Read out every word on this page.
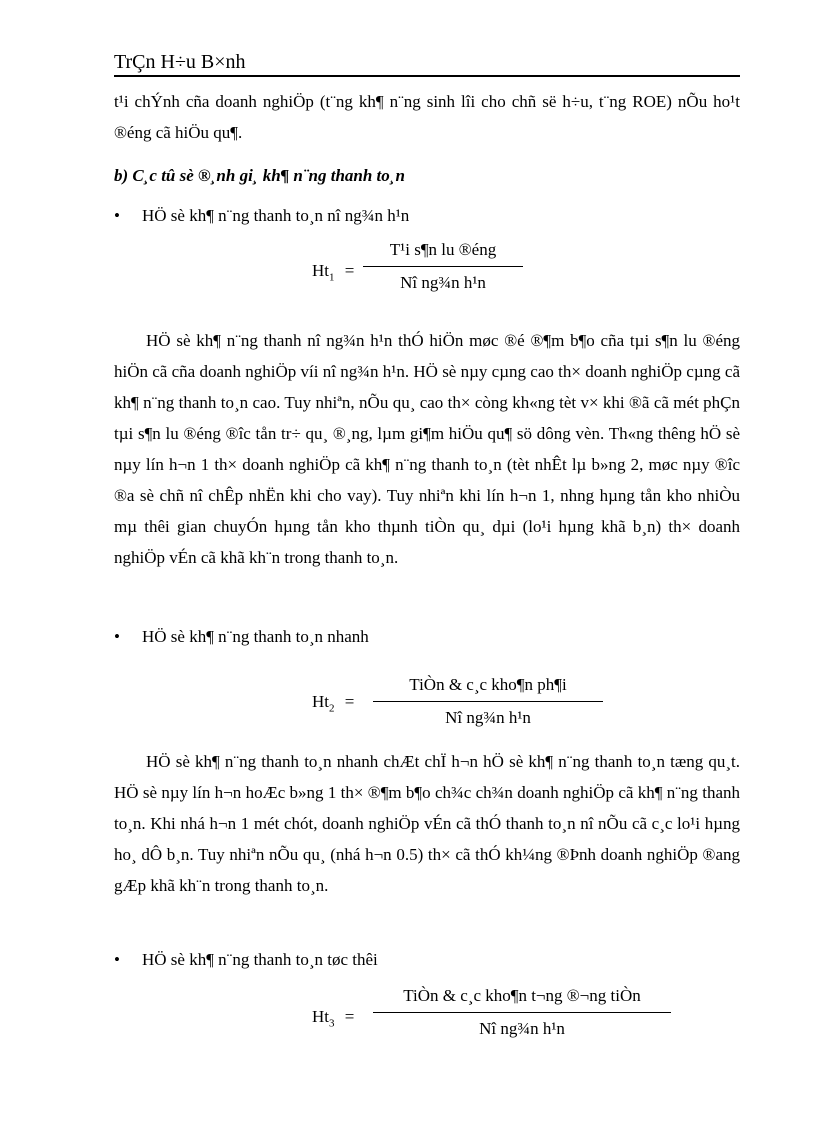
TrÇn H÷u B×nh
t¹i chÝnh cña doanh nghiÖp (t¨ng kh¶ n¨ng sinh lîi cho chñ së h÷u, t¨ng ROE) nÕu ho¹t ®éng cã hiÖu qu¶.
b) C¸c tû sè ®¸nh gi¸ kh¶ n¨ng thanh to¸n
• HÖ sè kh¶ n¨ng thanh to¸n nî ng¾n h¹n
$Ht_1$ =
T¹i s¶n lu ®éng
Nî ng¾n h¹n
HÖ sè kh¶ n¨ng thanh nî ng¾n h¹n thÓ hiÖn møc ®é ®¶m b¶o cña tµi s¶n lu ®éng hiÖn cã cña doanh nghiÖp víi nî ng¾n h¹n. HÖ sè nµy cµng cao th× doanh nghiÖp cµng cã kh¶ n¨ng thanh to¸n cao. Tuy nhiªn, nÕu qu¸ cao th× còng kh«ng tèt v× khi ®ã cã mét phÇn tµi s¶n lu ®éng ®îc tån tr÷ qu¸ ®¸ng, lµm gi¶m hiÖu qu¶ sö dông vèn. Th«ng thêng hÖ sè nµy lín h¬n 1 th× doanh nghiÖp cã kh¶ n¨ng thanh to¸n (tèt nhÊt lµ b»ng 2, møc nµy ®îc ®a sè chñ nî chÊp nhËn khi cho vay). Tuy nhiªn khi lín h¬n 1, nhng hµng tån kho nhiÒu mµ thêi gian chuyÓn hµng tån kho thµnh tiÒn qu¸ dµi (lo¹i hµng khã b¸n) th× doanh nghiÖp vÉn cã khã kh¨n trong thanh to¸n.
• HÖ sè kh¶ n¨ng thanh to¸n nhanh
$Ht_2$ =
TiÒn & c¸c kho¶n ph¶i
Nî ng¾n h¹n
HÖ sè kh¶ n¨ng thanh to¸n nhanh chÆt chÏ h¬n hÖ sè kh¶ n¨ng thanh to¸n tæng qu¸t. HÖ sè nµy lín h¬n hoÆc b»ng 1 th× ®¶m b¶o ch¾c ch¾n doanh nghiÖp cã kh¶ n¨ng thanh to¸n. Khi nhá h¬n 1 mét chót, doanh nghiÖp vÉn cã thÓ thanh to¸n nî nÕu cã c¸c lo¹i hµng ho¸ dÔ b¸n. Tuy nhiªn nÕu qu¸ (nhá h¬n 0.5) th× cã thÓ kh¼ng ®Þnh doanh nghiÖp ®ang gÆp khã kh¨n trong thanh to¸n.
• HÖ sè kh¶ n¨ng thanh to¸n tøc thêi
$Ht_3$ =
TiÒn & c¸c kho¶n t¬ng ®¬ng tiÒn
Nî ng¾n h¹n
